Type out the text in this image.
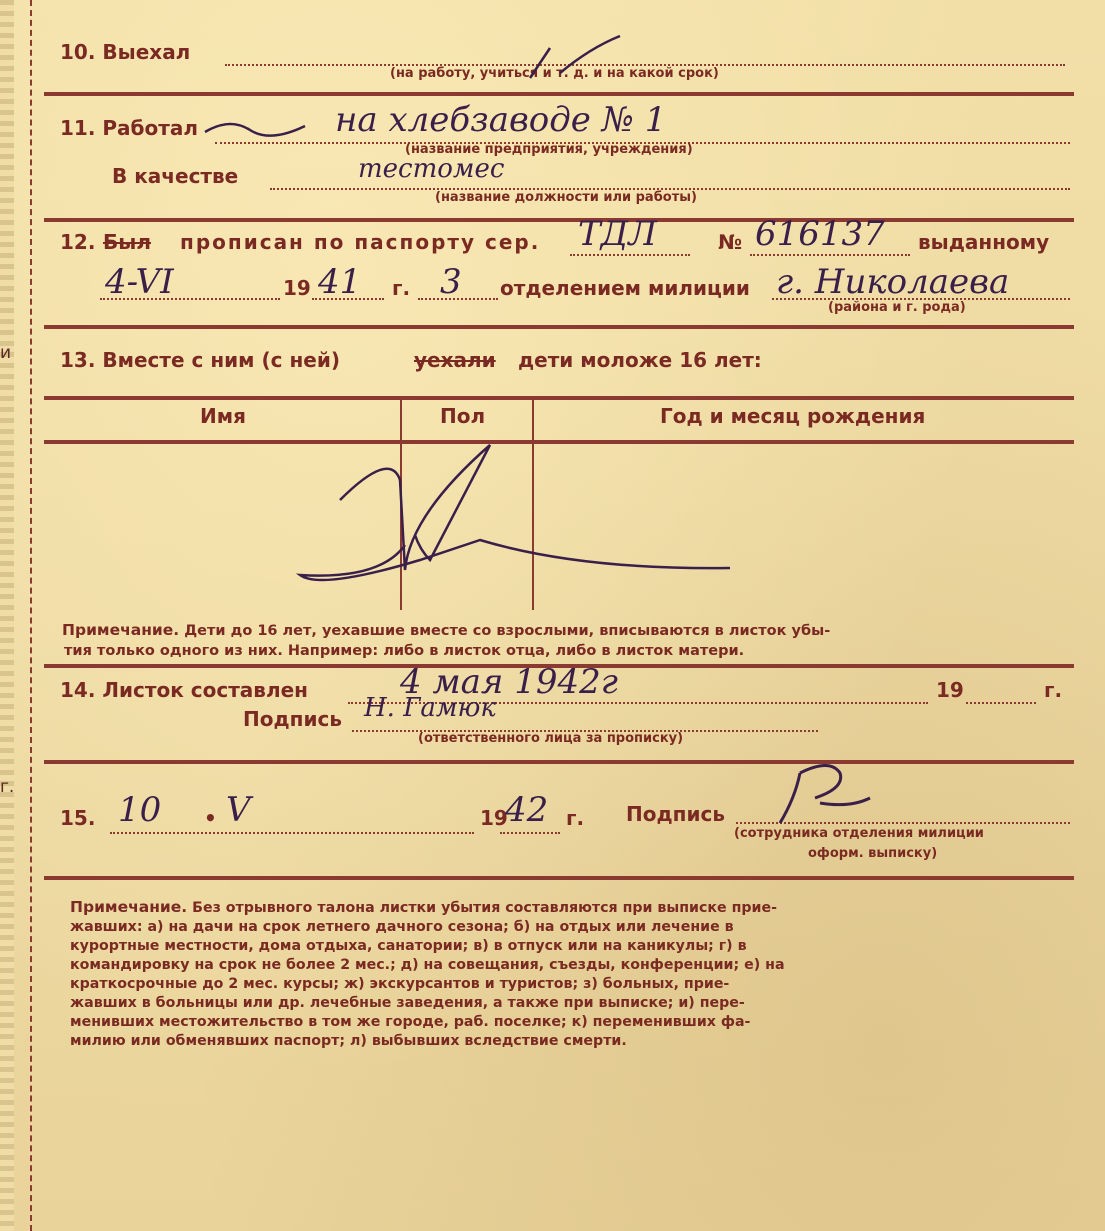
и
г.
10. Выехал
(на работу, учиться и т. д. и на какой срок)
11. Работал	на хлебзаводе № 1
(название предприятия, учреждения)
В качестве	тестомес
(название должности или работы)
12. Был прописан по паспорту сер. ТДЛ	№ 616137 выданному
4-VI	19 41 г. 3 отделением милиции г. Николаева
(района и г. рода)
13. Вместе с ним (с ней)	уехали дети моложе 16 лет:
Имя	Пол	Год и месяц рождения
Примечание. Дети до 16 лет, уехавшие вместе со взрослыми, вписываются в листок убы-
тия только одного из них. Например: либо в листок отца, либо в листок матери.
14. Листок составлен	4 мая 1942г	19	г.
Подпись Н. Гамюк
(ответственного лица за прописку)
15. 10 • V	19
42 г. Подпись
(сотрудника отделения милиции
оформ. выписку)
Примечание. Без отрывного талона листки убытия составляются при выписке прие-
жавших: а) на дачи на срок летнего дачного сезона; б) на отдых или лечение в
курортные местности, дома отдыха, санатории; в) в отпуск или на каникулы; г) в
командировку на срок не более 2 мес.; д) на совещания, съезды, конференции; е) на
краткосрочные до 2 мес. курсы; ж) экскурсантов и туристов; з) больных, прие-
жавших в больницы или др. лечебные заведения, а также при выписке; и) пере-
менивших местожительство в том же городе, раб. поселке; к) переменивших фа-
милию или обменявших паспорт; л) выбывших вследствие смерти.
